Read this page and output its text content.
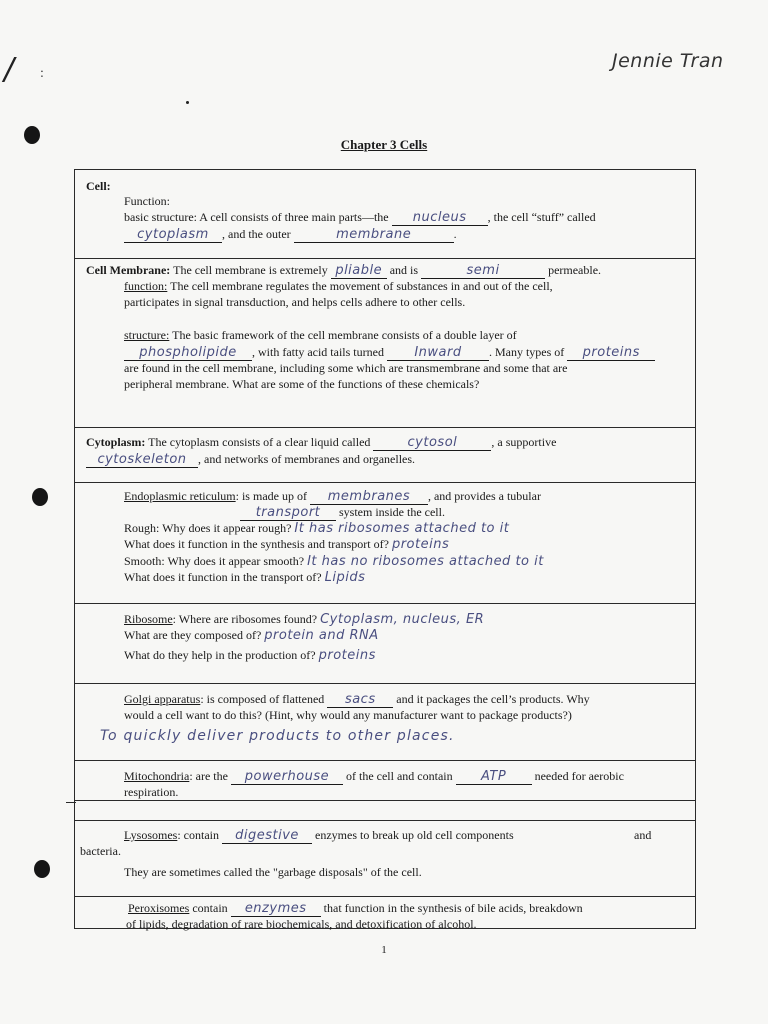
/ :
Jennie Tran
Chapter 3 Cells
Cell:
Function:
basic structure: A cell consists of three main parts—the nucleus , the cell “stuff” called
cytoplasm , and the outer	membrane	.
Cell Membrane: The cell membrane is extremely pliable and is	semi	permeable.
function: The cell membrane regulates the movement of substances in and out of the cell,
participates in signal transduction, and helps cells adhere to other cells.
structure: The basic framework of the cell membrane consists of a double layer of
phospholipide , with fatty acid tails turned Inward . Many types of proteins
are found in the cell membrane, including some which are transmembrane and some that are
peripheral membrane. What are some of the functions of these chemicals?
Cytoplasm: The cytoplasm consists of a clear liquid called	cytosol	, a supportive
cytoskeleton , and networks of membranes and organelles.
Endoplasmic reticulum: is made up of membranes , and provides a tubular
transport system inside the cell.
Rough: Why does it appear rough? It has ribosomes attached to it
What does it function in the synthesis and transport of? proteins
Smooth: Why does it appear smooth? It has no ribosomes attached to it
What does it function in the transport of? Lipids
Ribosome: Where are ribosomes found? Cytoplasm, nucleus, ER
What are they composed of? protein and RNA
What do they help in the production of? proteins
Golgi apparatus: is composed of flattened sacs and it packages the cell’s products. Why
would a cell want to do this? (Hint, why would any manufacturer want to package products?)
To quickly deliver products to other places.
Mitochondria: are the powerhouse of the cell and contain ATP needed for aerobic
respiration.
Lysosomes: contain digestive enzymes to break up old cell components	and
bacteria.
They are sometimes called the "garbage disposals" of the cell.
Peroxisomes contain enzymes that function in the synthesis of bile acids, breakdown
of lipids, degradation of rare biochemicals, and detoxification of alcohol.
1
